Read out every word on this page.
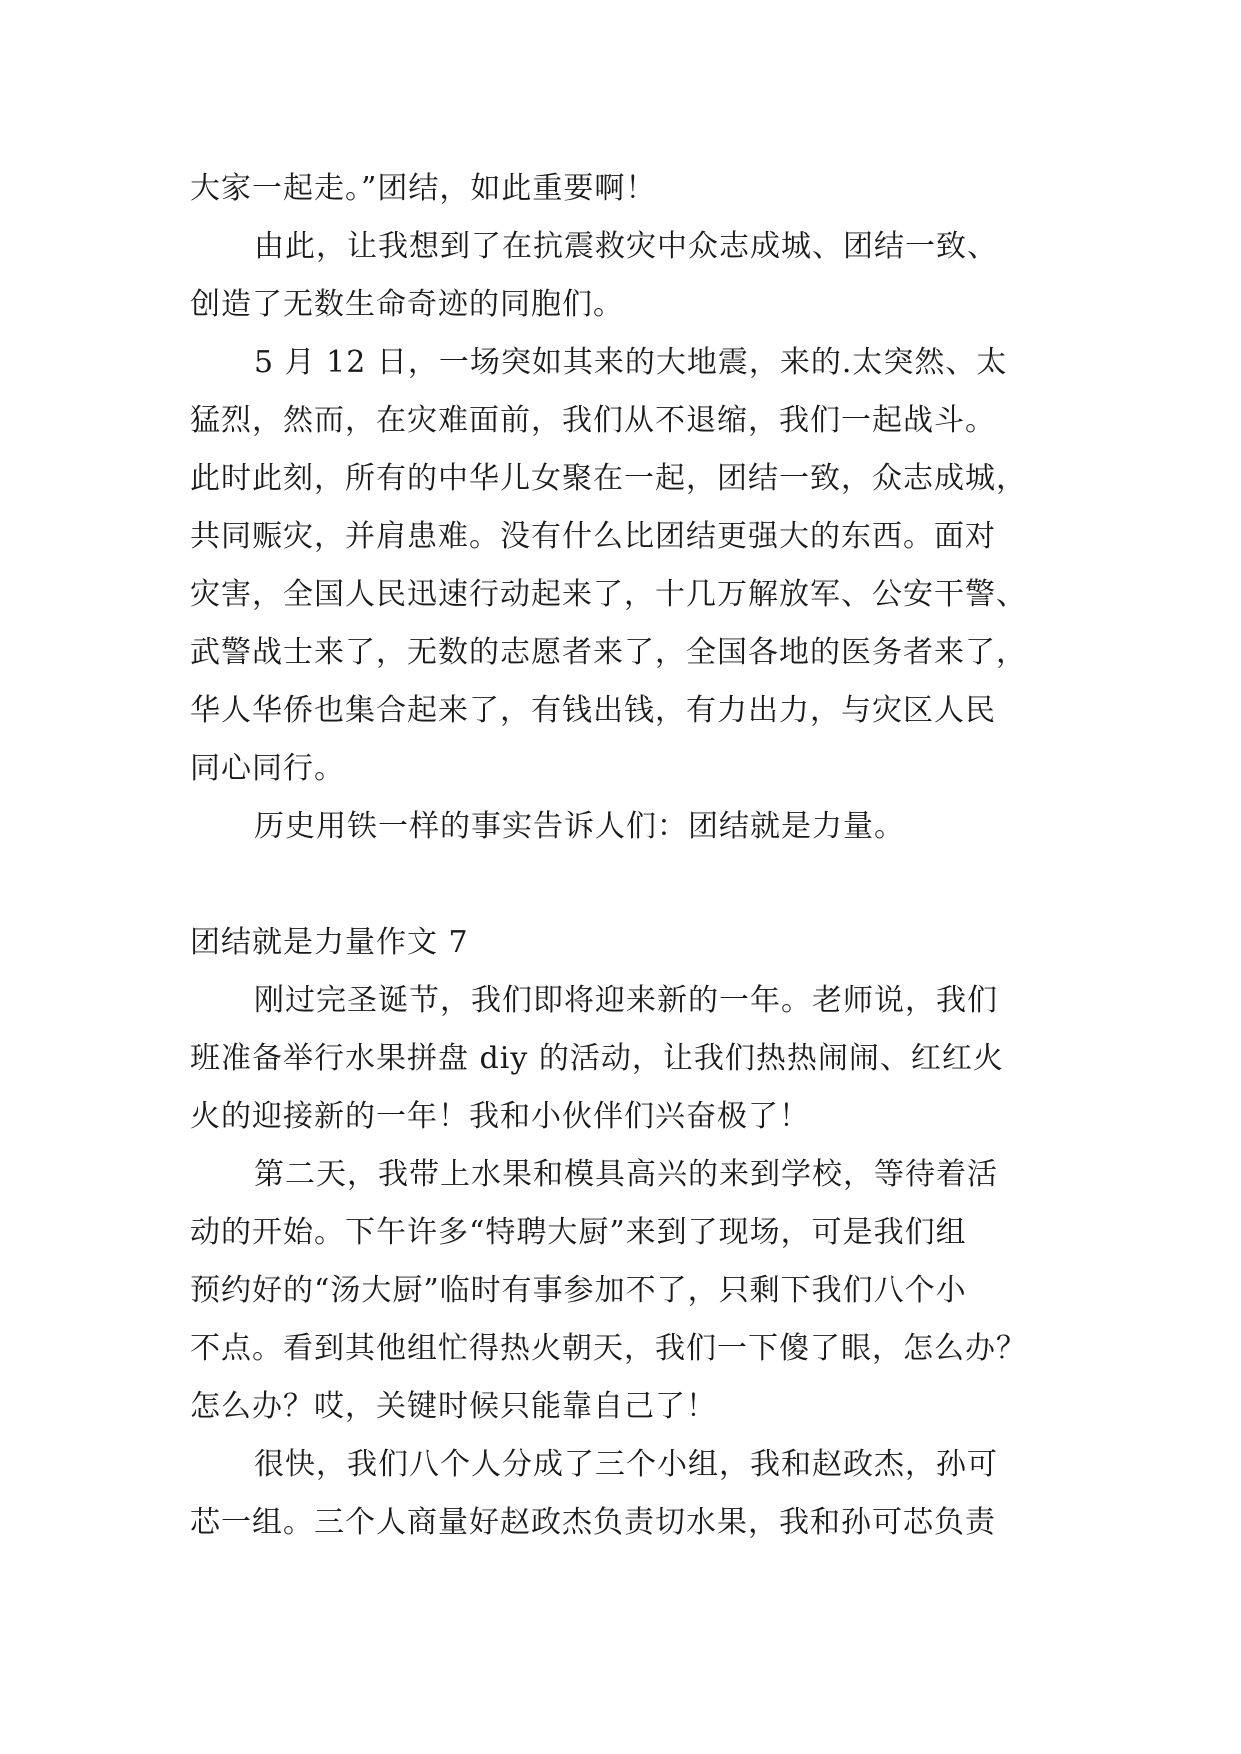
大家一起走。”团结，如此重要啊！
由此，让我想到了在抗震救灾中众志成城、团结一致、
创造了无数生命奇迹的同胞们。
5 月 12 日，一场突如其来的大地震，来的.太突然、太
猛烈，然而，在灾难面前，我们从不退缩，我们一起战斗。
此时此刻，所有的中华儿女聚在一起，团结一致，众志成城，
共同赈灾，并肩患难。没有什么比团结更强大的东西。面对
灾害，全国人民迅速行动起来了，十几万解放军、公安干警、
武警战士来了，无数的志愿者来了，全国各地的医务者来了，
华人华侨也集合起来了，有钱出钱，有力出力，与灾区人民
同心同行。
历史用铁一样的事实告诉人们：团结就是力量。
团结就是力量作文 7
刚过完圣诞节，我们即将迎来新的一年。老师说，我们
班准备举行水果拼盘 diy 的活动，让我们热热闹闹、红红火
火的迎接新的一年！我和小伙伴们兴奋极了！
第二天，我带上水果和模具高兴的来到学校，等待着活
动的开始。下午许多“特聘大厨”来到了现场，可是我们组
预约好的“汤大厨”临时有事参加不了，只剩下我们八个小
不点。看到其他组忙得热火朝天，我们一下傻了眼，怎么办？
怎么办？哎，关键时候只能靠自己了！
很快，我们八个人分成了三个小组，我和赵政杰，孙可
芯一组。三个人商量好赵政杰负责切水果，我和孙可芯负责
